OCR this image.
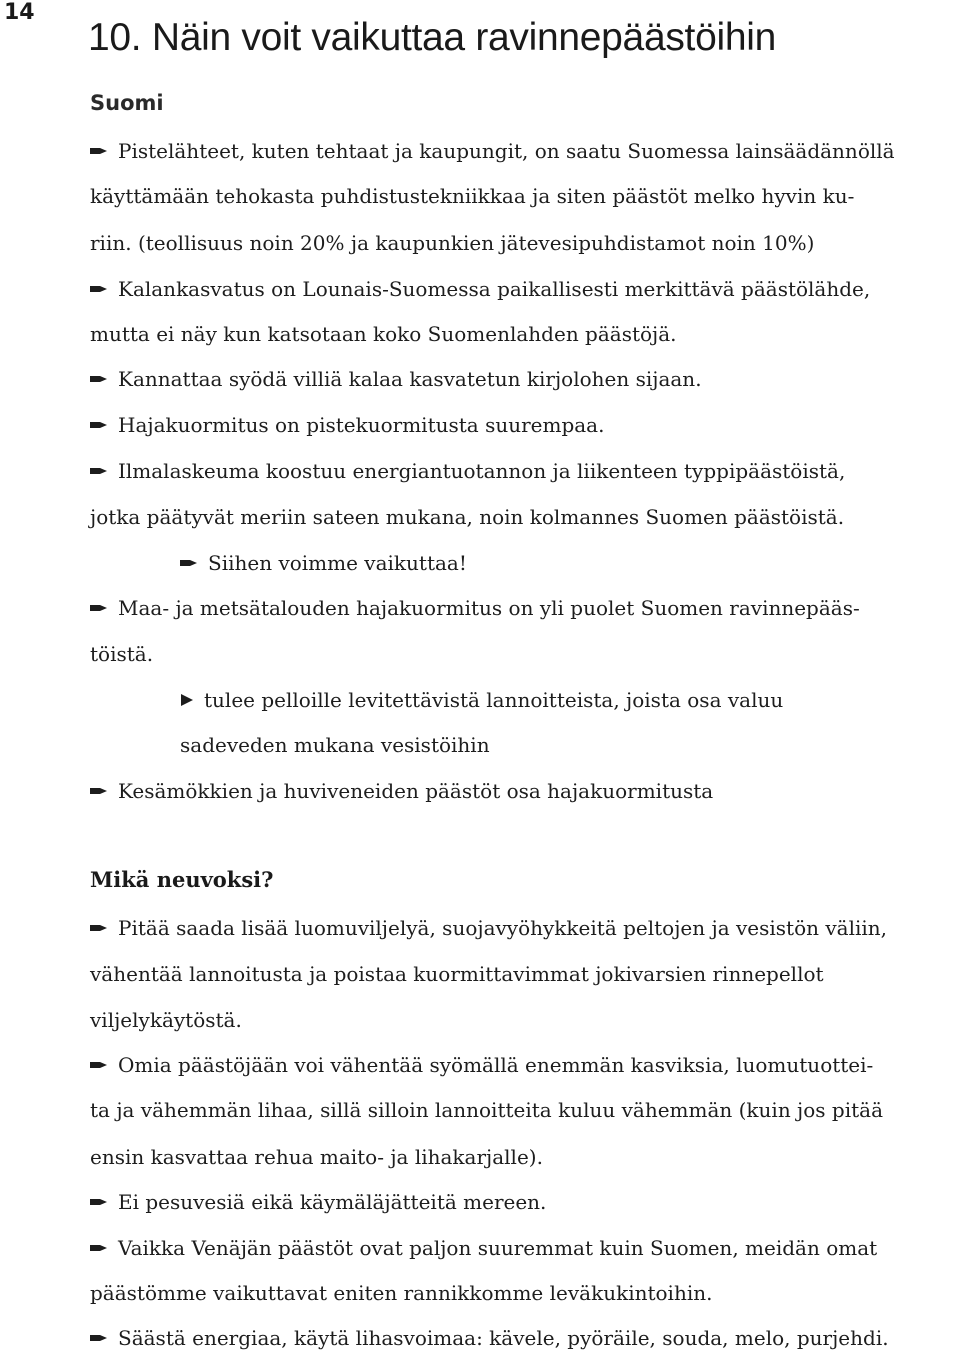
14
10. Näin voit vaikuttaa ravinnepäästöihin
Suomi
Pistelähteet, kuten tehtaat ja kaupungit, on saatu Suomessa lainsäädännöllä
käyttämään tehokasta puhdistustekniikkaa ja siten päästöt melko hyvin ku-
riin. (teollisuus noin 20% ja kaupunkien jätevesipuhdistamot noin 10%)
Kalankasvatus on Lounais-Suomessa paikallisesti merkittävä päästölähde,
mutta ei näy kun katsotaan koko Suomenlahden päästöjä.
Kannattaa syödä villiä kalaa kasvatetun kirjolohen sijaan.
Hajakuormitus on pistekuormitusta suurempaa.
Ilmalaskeuma koostuu energiantuotannon ja liikenteen typpipäästöistä,
jotka päätyvät meriin sateen mukana, noin kolmannes Suomen päästöistä.
Siihen voimme vaikuttaa!
Maa- ja metsätalouden hajakuormitus on yli puolet Suomen ravinnepääs-
töistä.
tulee pelloille levitettävistä lannoitteista, joista osa valuu
sadeveden mukana vesistöihin
Kesämökkien ja huviveneiden päästöt osa hajakuormitusta
Mikä neuvoksi?
Pitää saada lisää luomuviljelyä, suojavyöhykkeitä peltojen ja vesistön väliin,
vähentää lannoitusta ja poistaa kuormittavimmat jokivarsien rinnepellot
viljelykäytöstä.
Omia päästöjään voi vähentää syömällä enemmän kasviksia, luomutuottei-
ta ja vähemmän lihaa, sillä silloin lannoitteita kuluu vähemmän (kuin jos pitää
ensin kasvattaa rehua maito- ja lihakarjalle).
Ei pesuvesiä eikä käymäläjätteitä mereen.
Vaikka Venäjän päästöt ovat paljon suuremmat kuin Suomen, meidän omat
päästömme vaikuttavat eniten rannikkomme leväkukintoihin.
Säästä energiaa, käytä lihasvoimaa: kävele, pyöräile, souda, melo, purjehdi.
